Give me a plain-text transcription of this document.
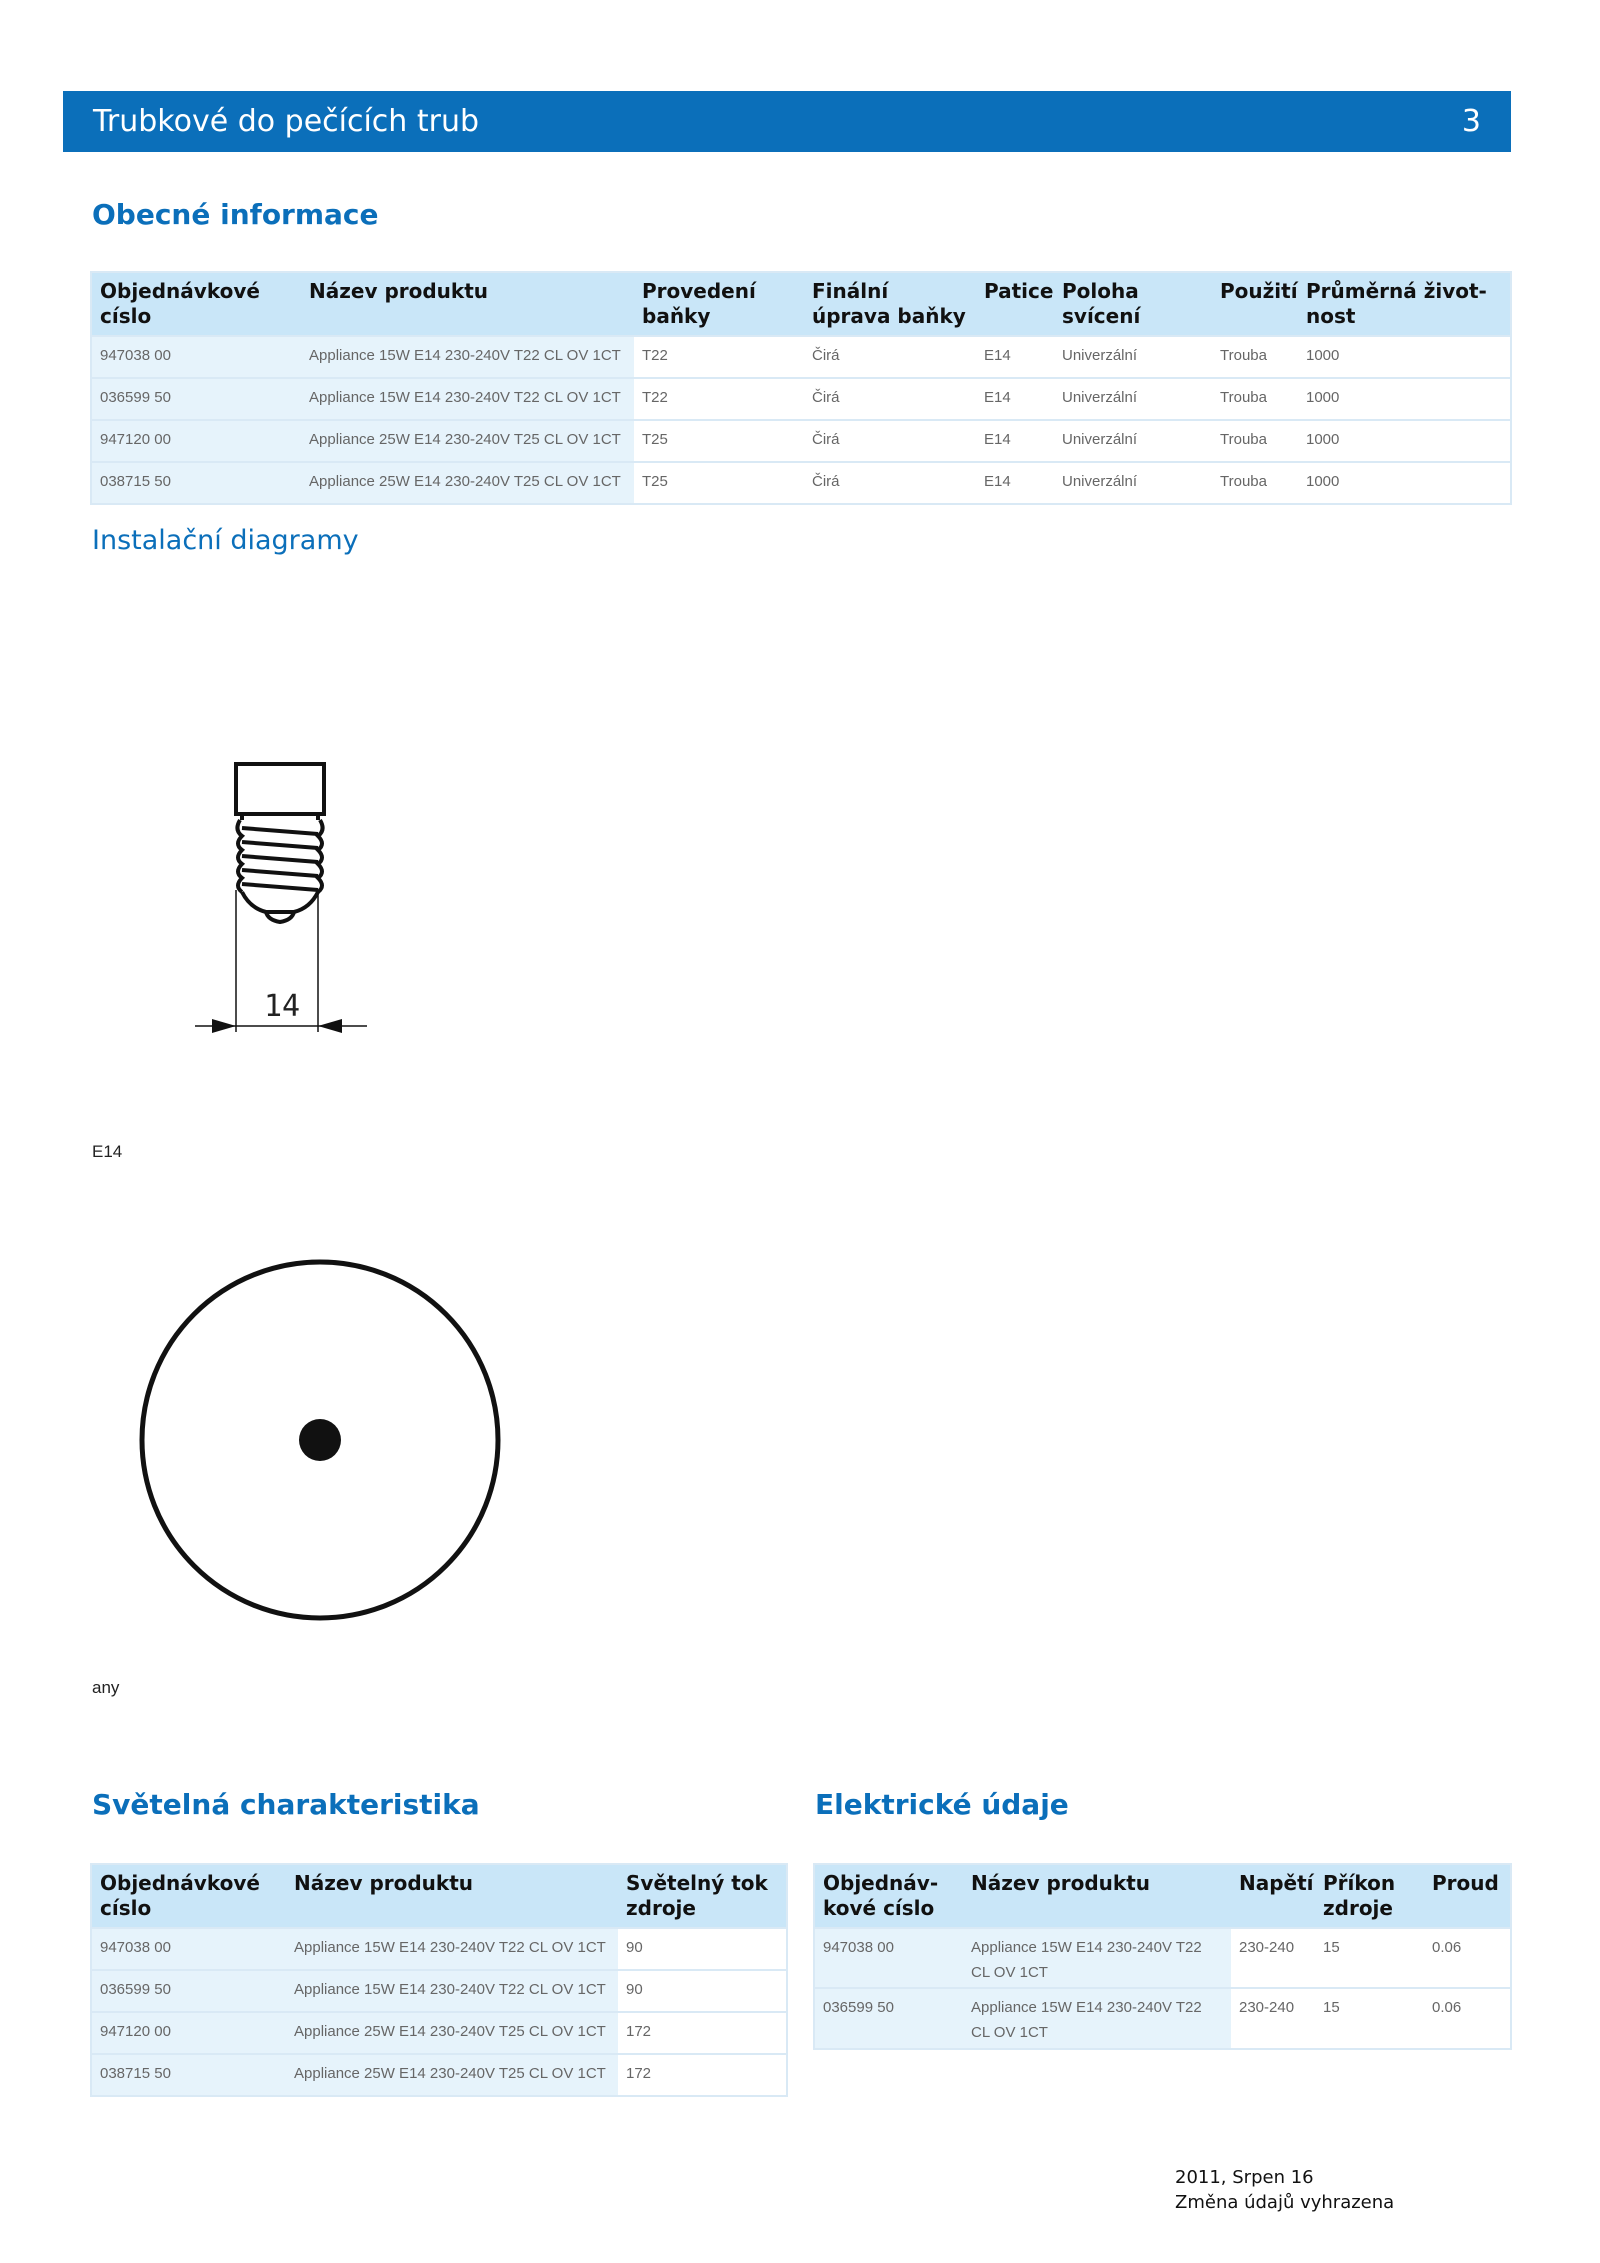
Trubkové do pečících trub	3
Obecné informace
Objednávkové císlo	Název produktu	Provedení baňky	Finální úprava baňky	Patice	Poloha svícení	Použití	Průměrná život-nost
947038 00	Appliance 15W E14 230-240V T22 CL OV 1CT	T22	Čirá	E14	Univerzální	Trouba	1000
036599 50	Appliance 15W E14 230-240V T22 CL OV 1CT	T22	Čirá	E14	Univerzální	Trouba	1000
947120 00	Appliance 25W E14 230-240V T25 CL OV 1CT	T25	Čirá	E14	Univerzální	Trouba	1000
038715 50	Appliance 25W E14 230-240V T25 CL OV 1CT	T25	Čirá	E14	Univerzální	Trouba	1000
Instalační diagramy
14
E14
any
Světelná charakteristika
Objednávkové císlo	Název produktu	Světelný tok zdroje
947038 00	Appliance 15W E14 230-240V T22 CL OV 1CT	90
036599 50	Appliance 15W E14 230-240V T22 CL OV 1CT	90
947120 00	Appliance 25W E14 230-240V T25 CL OV 1CT	172
038715 50	Appliance 25W E14 230-240V T25 CL OV 1CT	172
Elektrické údaje
Objednáv-kové císlo	Název produktu	Napětí	Příkon zdroje	Proud
947038 00	Appliance 15W E14 230-240V T22 CL OV 1CT	230-240	15	0.06
036599 50	Appliance 15W E14 230-240V T22 CL OV 1CT	230-240	15	0.06
2011, Srpen 16
Změna údajů vyhrazena
